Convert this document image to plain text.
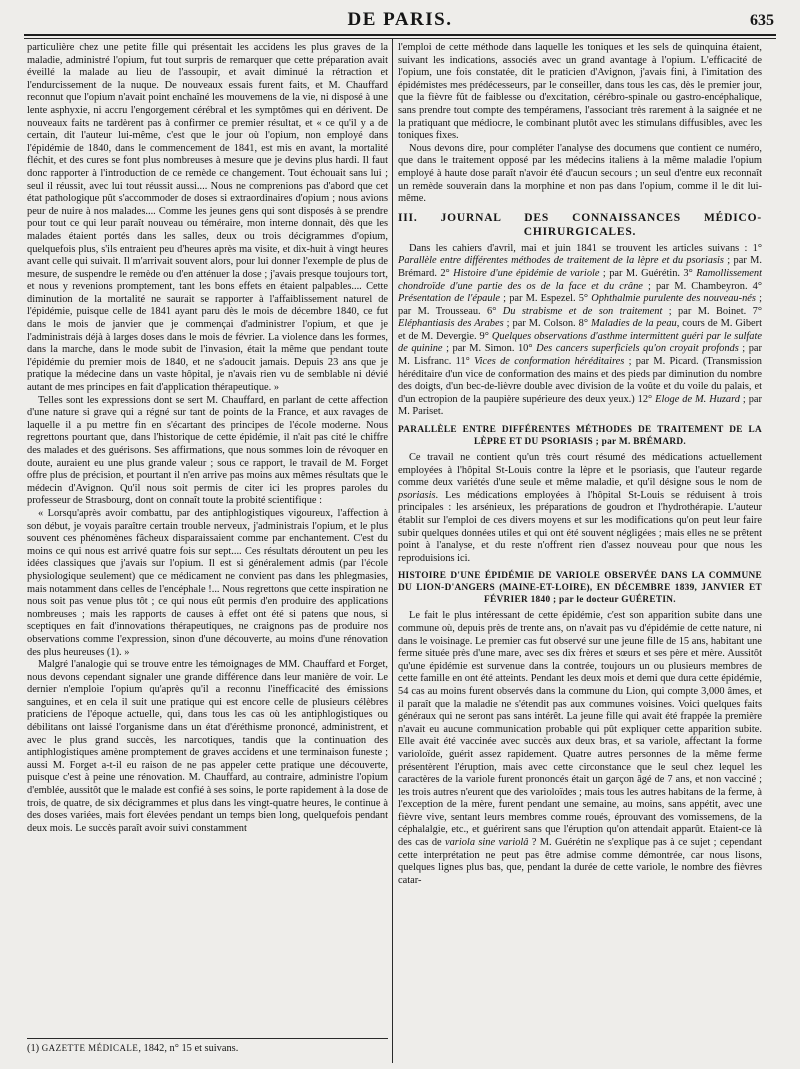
DE PARIS.	635

particulière chez une petite fille qui présentait les accidens les plus graves de la maladie, administré l'opium, fut tout surpris de remarquer que cette préparation avait éveillé la malade au lieu de l'assoupir, et avait diminué la rétraction et l'endurcissement de la nuque. De nouveaux essais furent faits, et M. Chauffard reconnut que l'opium n'avait point enchaîné les mouvemens de la vie, ni disposé à une lente asphyxie, ni accru l'engorgement cérébral et les symptômes qui en dérivent. De nouveaux faits ne tardèrent pas à confirmer ce premier résultat, et « ce qu'il y a de certain, dit l'auteur lui-même, c'est que le jour où l'opium, non employé dans l'épidémie de 1840, dans le commencement de 1841, est mis en avant, la mortalité fléchit, et des cures se font plus nombreuses à mesure que je devins plus hardi. Il faut donc rapporter à l'introduction de ce remède ce changement. Tout échouait sans lui ; seul il réussit, avec lui tout réussit aussi.... Nous ne comprenions pas d'abord que cet état pathologique pût s'accommoder de doses si extraordinaires d'opium ; nous avions peur de nuire à nos malades.... Comme les jeunes gens qui sont disposés à se prendre pour tout ce qui leur paraît nouveau ou téméraire, mon interne donnait, dès que les malades étaient portés dans les salles, deux ou trois décigrammes d'opium, quelquefois plus, s'ils entraient peu d'heures après ma visite, et dix-huit à vingt heures avant celle qui suivait. Il m'arrivait souvent alors, pour lui donner l'exemple de plus de mesure, de suspendre le remède ou d'en atténuer la dose ; j'avais presque toujours tort, et nous y revenions promptement, tant les bons effets en étaient palpables.... Cette diminution de la mortalité ne saurait se rapporter à l'affaiblissement naturel de l'épidémie, puisque celle de 1841 ayant paru dès le mois de décembre 1840, ce fut dans le mois de janvier que je commençai d'administrer l'opium, et que je l'administrais déjà à larges doses dans le mois de février. La violence dans les formes, dans la marche, dans le mode subit de l'invasion, était la même que pendant toute l'épidémie du premier mois de 1840, et ne s'adoucit jamais. Depuis 23 ans que je pratique la médecine dans un vaste hôpital, je n'avais rien vu de semblable ni dévié autant de mes principes en fait d'application thérapeutique. »

Telles sont les expressions dont se sert M. Chauffard, en parlant de cette affection d'une nature si grave qui a régné sur tant de points de la France, et aux ravages de laquelle il a pu mettre fin en s'écartant des principes de l'école moderne. Nous regrettons pourtant que, dans l'historique de cette épidémie, il n'ait pas cité le chiffre des malades et des guérisons. Ses affirmations, que nous sommes loin de révoquer en doute, auraient eu une plus grande valeur ; sous ce rapport, le travail de M. Forget offre plus de précision, et pourtant il n'en arrive pas moins aux mêmes résultats que le médecin d'Avignon. Qu'il nous soit permis de citer ici les propres paroles du professeur de Strasbourg, dont on connaît toute la probité scientifique :

« Lorsqu'après avoir combattu, par des antiphlogistiques vigoureux, l'affection à son début, je voyais paraître certain trouble nerveux, j'administrais l'opium, et le plus souvent ces phénomènes fâcheux disparaissaient comme par enchantement. C'est du moins ce qui nous est arrivé quatre fois sur sept.... Ces résultats déroutent un peu les idées classiques que j'avais sur l'opium. Il est si généralement admis (par l'école physiologique seulement) que ce médicament ne convient pas dans les phlegmasies, mais notamment dans celles de l'encéphale !... Nous regrettons que cette inspiration ne nous soit pas venue plus tôt ; ce qui nous eût permis d'en produire des applications nombreuses ; mais les rapports de causes à effet ont été si patens que nous, si sceptiques en fait d'innovations thérapeutiques, ne craignons pas de produire nos observations comme l'expression, sinon d'une découverte, au moins d'une rénovation des plus heureuses (1). »

Malgré l'analogie qui se trouve entre les témoignages de MM. Chauffard et Forget, nous devons cependant signaler une grande différence dans leur manière de voir. Le dernier n'emploie l'opium qu'après qu'il a reconnu l'inefficacité des émissions sanguines, et en cela il suit une pratique qui est encore celle de plusieurs célèbres praticiens de l'époque actuelle, qui, dans tous les cas où les antiphlogistiques ou débilitans ont laissé l'organisme dans un état d'éréthisme prononcé, administrent, et avec le plus grand succès, les narcotiques, tandis que la continuation des antiphlogistiques amène promptement de graves accidens et une terminaison funeste ; aussi M. Forget a-t-il eu raison de ne pas appeler cette pratique une découverte, puisque c'est à peine une rénovation. M. Chauffard, au contraire, administre l'opium d'emblée, aussitôt que le malade est confié à ses soins, le porte rapidement à la dose de trois, de quatre, de six décigrammes et plus dans les vingt-quatre heures, le continue à des doses variées, mais fort élevées pendant un temps bien long, quelquefois pendant deux mois. Le succès paraît avoir suivi constamment

(1) GAZETTE MÉDICALE, 1842, n° 15 et suivans.

l'emploi de cette méthode dans laquelle les toniques et les sels de quinquina étaient, suivant les indications, associés avec un grand avantage à l'opium. L'efficacité de l'opium, une fois constatée, dit le praticien d'Avignon, j'avais fini, à l'imitation des épidémistes mes prédécesseurs, par le conseiller, dans tous les cas, dès le premier jour, que la fièvre fût de faiblesse ou d'excitation, cérébro-spinale ou gastro-encéphalique, sans prendre tout compte des tempéramens, l'associant très rarement à la saignée et ne la pratiquant que médiocre, le combinant plutôt avec les stimulans diffusibles, avec les toniques fixes.

Nous devons dire, pour compléter l'analyse des documens que contient ce numéro, que dans le traitement opposé par les médecins italiens à la même maladie l'opium employé à haute dose paraît n'avoir été d'aucun secours ; un seul d'entre eux reconnaît un remède souverain dans la morphine et non pas dans l'opium, comme il le dit lui-même.

III. JOURNAL DES CONNAISSANCES MÉDICO-CHIRURGICALES.

Dans les cahiers d'avril, mai et juin 1841 se trouvent les articles suivans : 1° Parallèle entre différentes méthodes de traitement de la lèpre et du psoriasis ; par M. Brémard. 2° Histoire d'une épidémie de variole ; par M. Guérétin. 3° Ramollissement chondroïde d'une partie des os de la face et du crâne ; par M. Chambeyron. 4° Présentation de l'épaule ; par M. Espezel. 5° Ophthalmie purulente des nouveau-nés ; par M. Trousseau. 6° Du strabisme et de son traitement ; par M. Boinet. 7° Eléphantiasis des Arabes ; par M. Colson. 8° Maladies de la peau, cours de M. Gibert et de M. Devergie. 9° Quelques observations d'asthme intermittent guéri par le sulfate de quinine ; par M. Simon. 10° Des cancers superficiels qu'on croyait profonds ; par M. Lisfranc. 11° Vices de conformation héréditaires ; par M. Picard. (Transmission héréditaire d'un vice de conformation des mains et des pieds par diminution du nombre des doigts, d'un bec-de-lièvre double avec division de la voûte et du voile du palais, et d'un ectropion de la paupière supérieure des deux yeux.) 12° Eloge de M. Huzard ; par M. Pariset.

PARALLÈLE ENTRE DIFFÉRENTES MÉTHODES DE TRAITEMENT DE LA LÈPRE ET DU PSORIASIS ; par M. BRÉMARD.

Ce travail ne contient qu'un très court résumé des médications actuellement employées à l'hôpital St-Louis contre la lèpre et le psoriasis, que l'auteur regarde comme deux variétés d'une seule et même maladie, et qu'il désigne sous le nom de psoriasis. Les médications employées à l'hôpital St-Louis se réduisent à trois principales : les arsénieux, les préparations de goudron et l'hydrothérapie. L'auteur établit sur l'emploi de ces divers moyens et sur les modifications qu'on peut leur faire subir quelques données utiles et qui ont été souvent négligées ; mais elles ne se prêtent point à l'analyse, et du reste n'offrent rien d'assez nouveau pour que nous les reproduisions ici.

HISTOIRE D'UNE ÉPIDÉMIE DE VARIOLE OBSERVÉE DANS LA COMMUNE DU LION-D'ANGERS (MAINE-ET-LOIRE), EN DÉCEMBRE 1839, JANVIER ET FÉVRIER 1840 ; par le docteur GUÉRETIN.

Le fait le plus intéressant de cette épidémie, c'est son apparition subite dans une commune où, depuis près de trente ans, on n'avait pas vu d'épidémie de cette nature, ni dans le voisinage. Le premier cas fut observé sur une jeune fille de 15 ans, habitant une ferme située près d'une mare, avec ses dix frères et sœurs et ses père et mère. Aussitôt qu'une épidémie est survenue dans la contrée, toujours un ou plusieurs membres de cette famille en ont été atteints. Pendant les deux mois et demi que dura cette épidémie, 54 cas au moins furent observés dans la commune du Lion, qui compte 3,000 âmes, et il paraît que la maladie ne s'étendit pas aux communes voisines. Voici quelques faits généraux qui ne seront pas sans intérêt. La jeune fille qui avait été frappée la première n'avait eu aucune communication probable qui pût expliquer cette apparition subite. Elle avait été vaccinée avec succès aux deux bras, et sa variole, affectant la forme varioloïde, guérit assez rapidement. Quatre autres personnes de la même ferme présentèrent l'éruption, mais avec cette circonstance que le seul chez lequel les caractères de la variole furent prononcés était un garçon âgé de 7 ans, et non vacciné ; les trois autres n'eurent que des varioloïdes ; mais tous les autres habitans de la ferme, à l'exception de la mère, furent pendant une semaine, au moins, sans appétit, avec une fièvre vive, sentant leurs membres comme roués, éprouvant des vomissemens, de la céphalalgie, etc., et guérirent sans que l'éruption qu'on attendait apparût. Etaient-ce là des cas de variola sine variolâ ? M. Guérétin ne s'explique pas à ce sujet ; cependant cette interprétation ne peut pas être admise comme démontrée, car nous lisons, quelques lignes plus bas, que, pendant la durée de cette variole, le nombre des fièvres catar-
